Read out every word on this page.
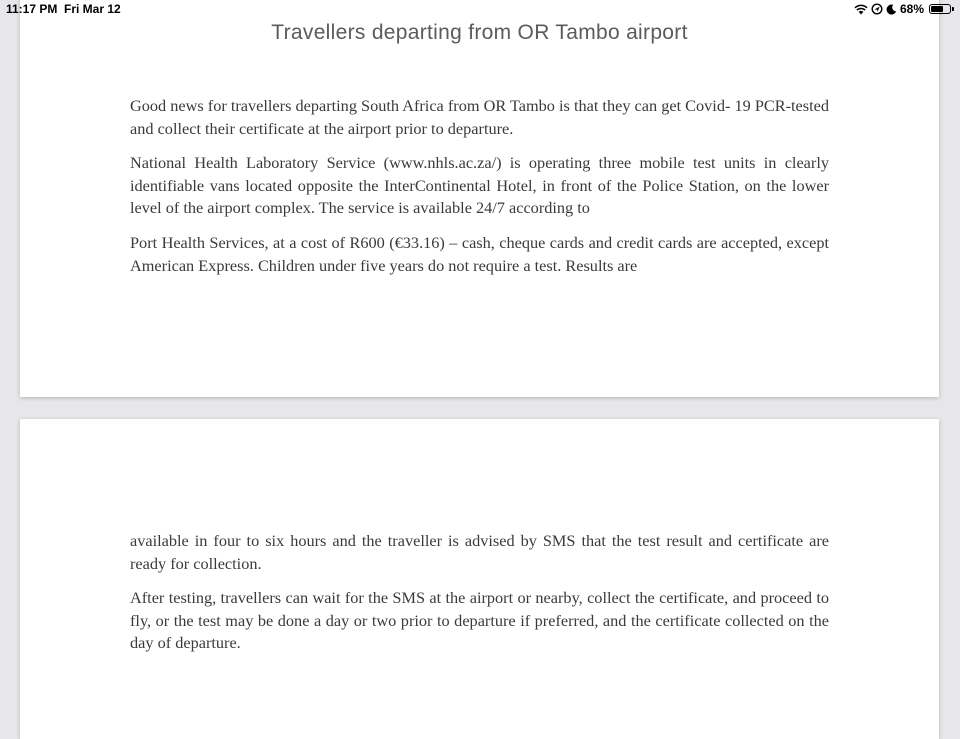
11:17 PM Fri Mar 12	68%
Travellers departing from OR Tambo airport

Good news for travellers departing South Africa from OR Tambo is that they can get Covid- 19 PCR-tested and collect their certificate at the airport prior to departure.

National Health Laboratory Service (www.nhls.ac.za/) is operating three mobile test units in clearly identifiable vans located opposite the InterContinental Hotel, in front of the Police Station, on the lower level of the airport complex. The service is available 24/7 according to

Port Health Services, at a cost of R600 (€33.16) – cash, cheque cards and credit cards are accepted, except American Express. Children under five years do not require a test. Results are

available in four to six hours and the traveller is advised by SMS that the test result and certificate are ready for collection.

After testing, travellers can wait for the SMS at the airport or nearby, collect the certificate, and proceed to fly, or the test may be done a day or two prior to departure if preferred, and the certificate collected on the day of departure.
